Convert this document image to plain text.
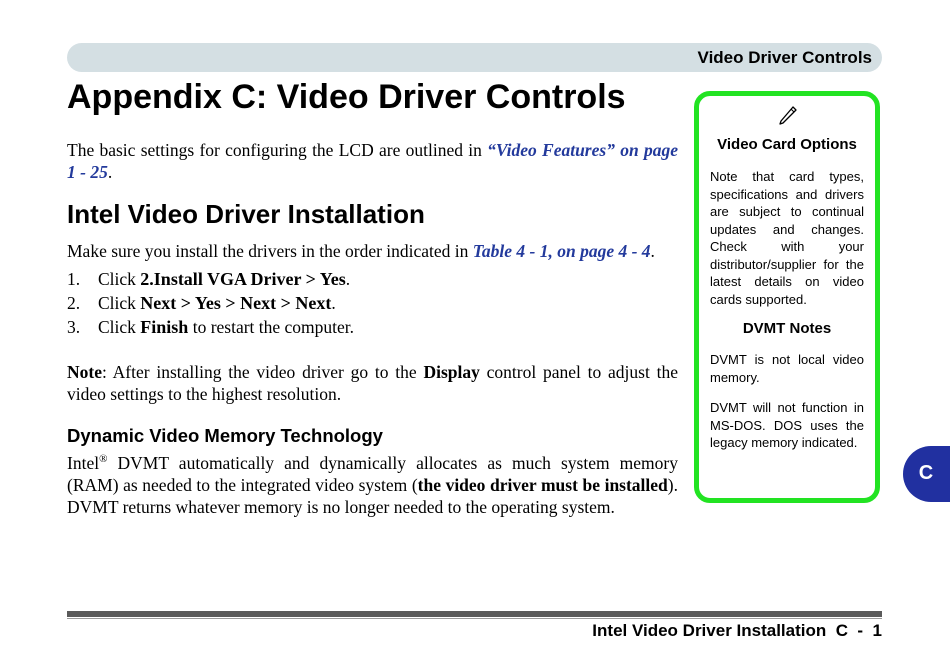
Video Driver Controls
Appendix C: Video Driver Controls

The basic settings for configuring the LCD are outlined in “Video Features” on page 1 - 25.

Intel Video Driver Installation

Make sure you install the drivers in the order indicated in Table 4 - 1, on page 4 - 4.

1. Click 2.Install VGA Driver > Yes.
2. Click Next > Yes > Next > Next.
3. Click Finish to restart the computer.

Note: After installing the video driver go to the Display control panel to adjust the video settings to the highest resolution.

Dynamic Video Memory Technology

Intel® DVMT automatically and dynamically allocates as much system memory (RAM) as needed to the integrated video system (the video driver must be installed). DVMT returns whatever memory is no longer needed to the operating system.

Video Card Options

Note that card types, specifications and drivers are subject to continual updates and changes. Check with your distributor/supplier for the latest details on video cards supported.

DVMT Notes

DVMT is not local video memory.

DVMT will not function in MS-DOS. DOS uses the legacy memory indicated.

C
Intel Video Driver Installation  C  -  1
